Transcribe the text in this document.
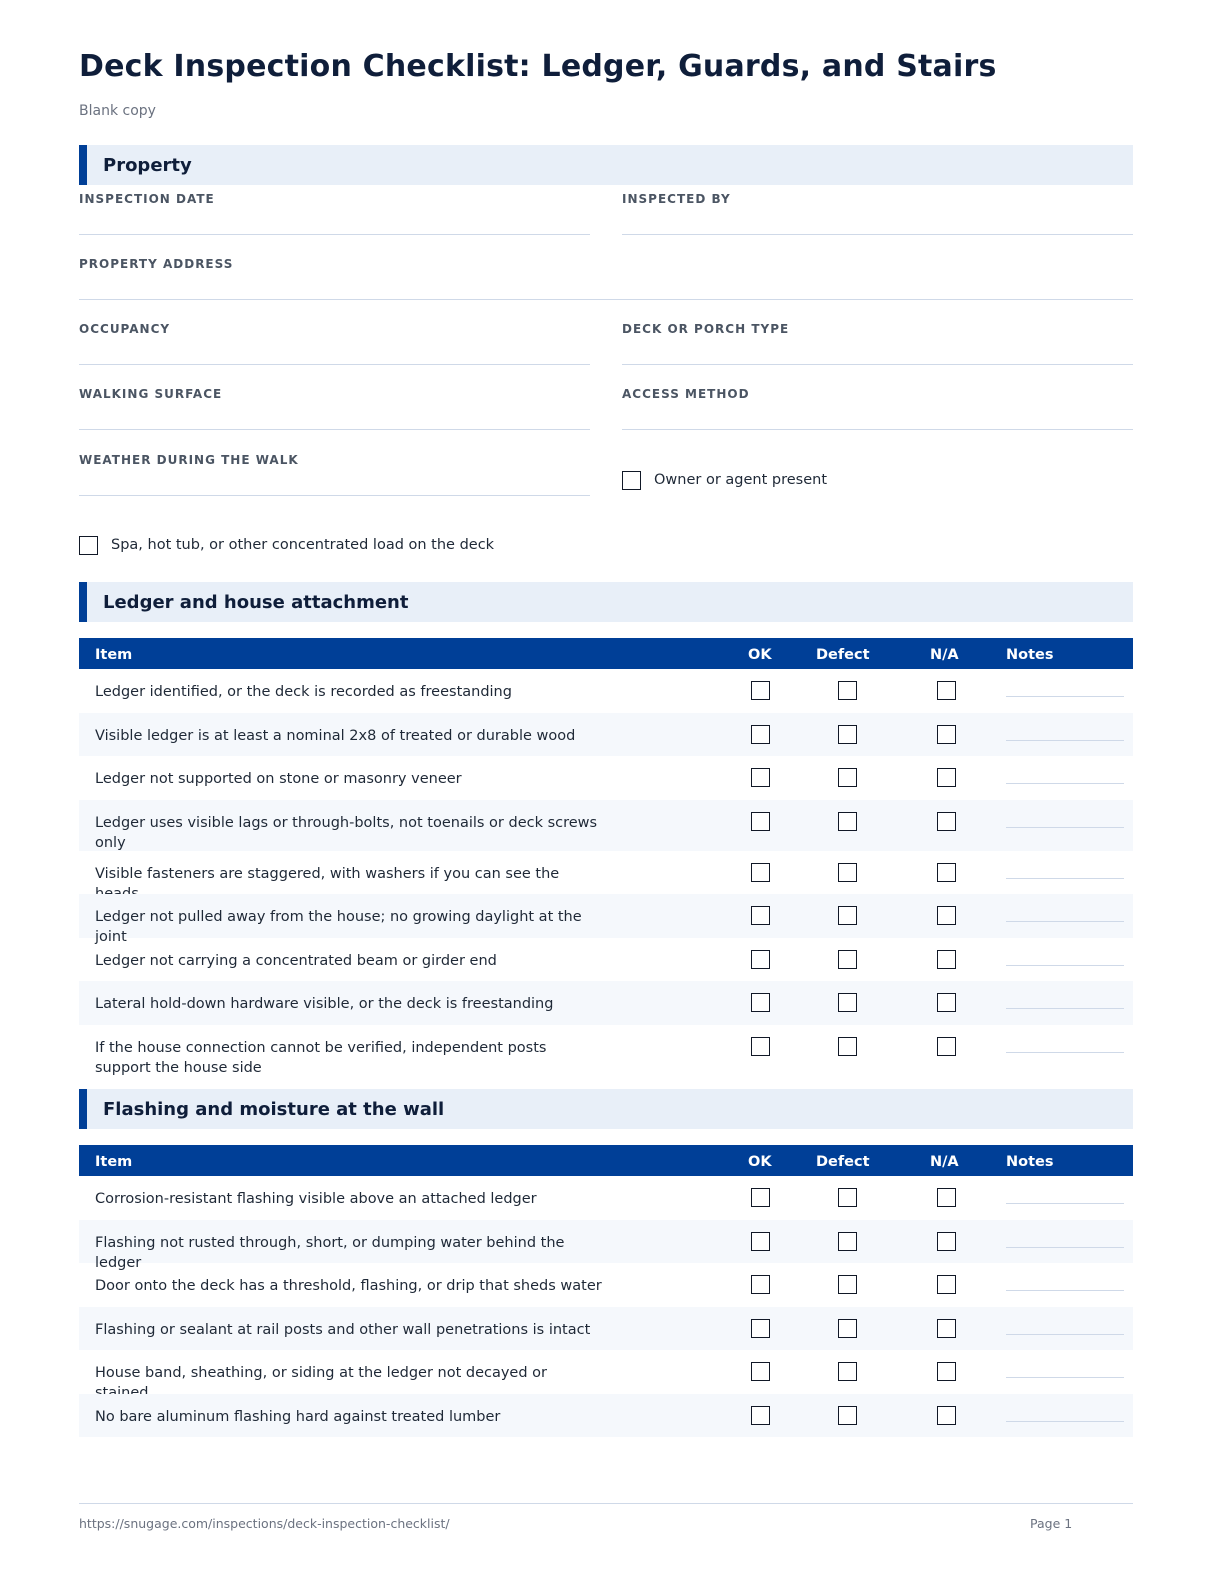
Deck Inspection Checklist: Ledger, Guards, and Stairs
Blank copy
Property
INSPECTION DATE	INSPECTED BY
PROPERTY ADDRESS
OCCUPANCY	DECK OR PORCH TYPE
WALKING SURFACE	ACCESS METHOD
WEATHER DURING THE WALK
Owner or agent present
Spa, hot tub, or other concentrated load on the deck
Ledger and house attachment
Item	OK	Defect	N/A	Notes
Ledger identified, or the deck is recorded as freestanding
Visible ledger is at least a nominal 2x8 of treated or durable wood
Ledger not supported on stone or masonry veneer
Ledger uses visible lags or through-bolts, not toenails or deck screws only
Visible fasteners are staggered, with washers if you can see the
Ledger not pulled away from the house; no growing daylight at the joint
Ledger not carrying a concentrated beam or girder end
Lateral hold-down hardware visible, or the deck is freestanding
If the house connection cannot be verified, independent posts support the house side
Flashing and moisture at the wall
Item	OK	Defect	N/A	Notes
Corrosion-resistant flashing visible above an attached ledger
Flashing not rusted through, short, or dumping water behind the ledger
Door onto the deck has a threshold, flashing, or drip that sheds water
Flashing or sealant at rail posts and other wall penetrations is intact
House band, sheathing, or siding at the ledger not decayed or
No bare aluminum flashing hard against treated lumber
https://snugage.com/inspections/deck-inspection-checklist/	Page 1
